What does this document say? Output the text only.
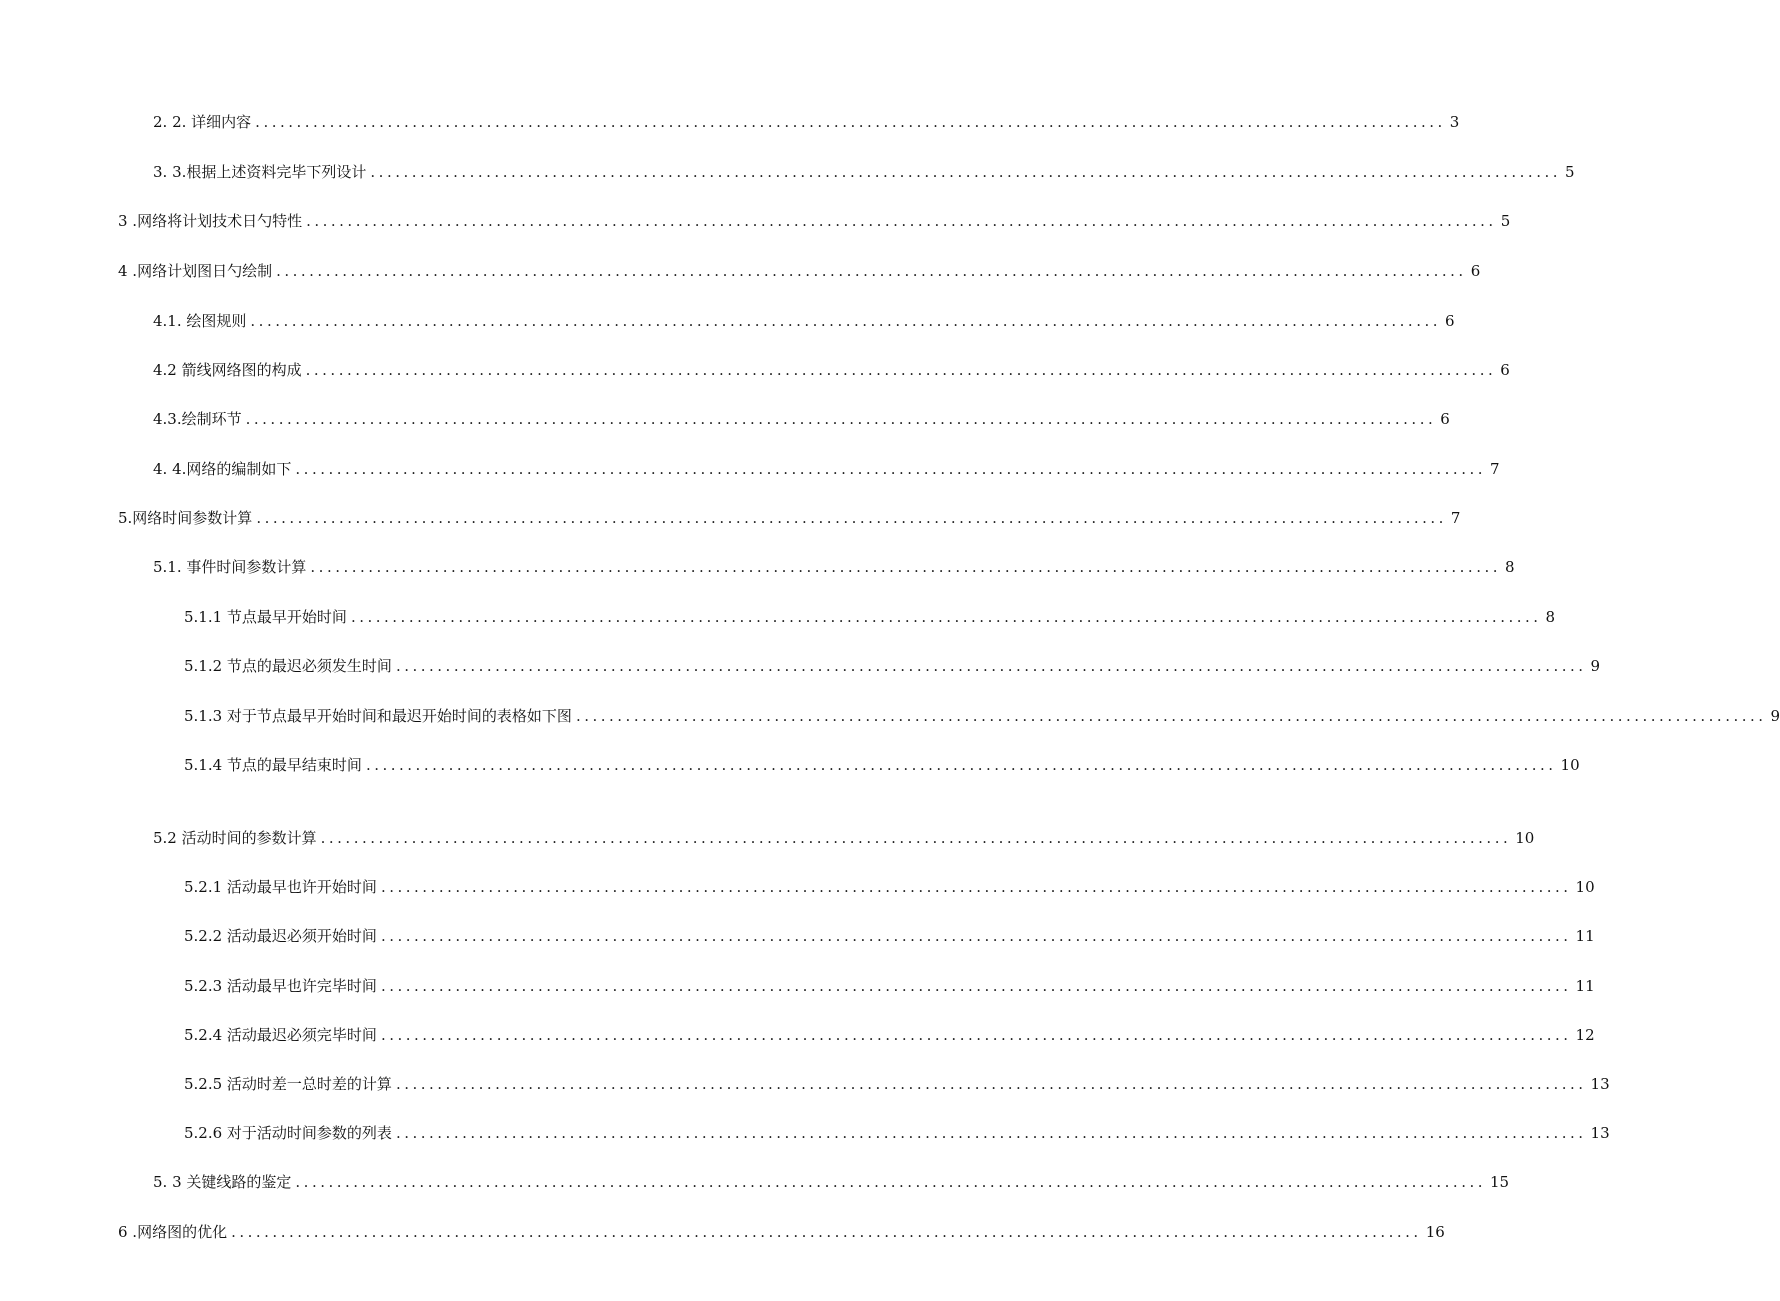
2. 2. 详细内容 ................................................................................................................................................ 3
3. 3.根据上述资料完毕下列设计 ................................................................................................................................................ 5
3 .网络将计划技术日勺特性 ................................................................................................................................................ 5
4 .网络计划图日勺绘制 ................................................................................................................................................ 6
4.1. 绘图规则 ................................................................................................................................................ 6
4.2 箭线网络图的构成 ................................................................................................................................................ 6
4.3.绘制环节 ................................................................................................................................................ 6
4. 4.网络的编制如下 ................................................................................................................................................ 7
5.网络时间参数计算 ................................................................................................................................................ 7
5.1. 事件时间参数计算 ................................................................................................................................................ 8
5.1.1 节点最早开始时间 ................................................................................................................................................ 8
5.1.2 节点的最迟必须发生时间 ................................................................................................................................................ 9
5.1.3 对于节点最早开始时间和最迟开始时间的表格如下图 ................................................................................................................................................ 9
5.1.4 节点的最早结束时间 ................................................................................................................................................ 10
5.2 活动时间的参数计算 ................................................................................................................................................ 10
5.2.1 活动最早也许开始时间 ................................................................................................................................................ 10
5.2.2 活动最迟必须开始时间 ................................................................................................................................................ 11
5.2.3 活动最早也许完毕时间 ................................................................................................................................................ 11
5.2.4 活动最迟必须完毕时间 ................................................................................................................................................ 12
5.2.5 活动时差一总时差的计算 ................................................................................................................................................ 13
5.2.6 对于活动时间参数的列表 ................................................................................................................................................ 13
5. 3 关键线路的鉴定 ................................................................................................................................................ 15
6 .网络图的优化 ................................................................................................................................................ 16
